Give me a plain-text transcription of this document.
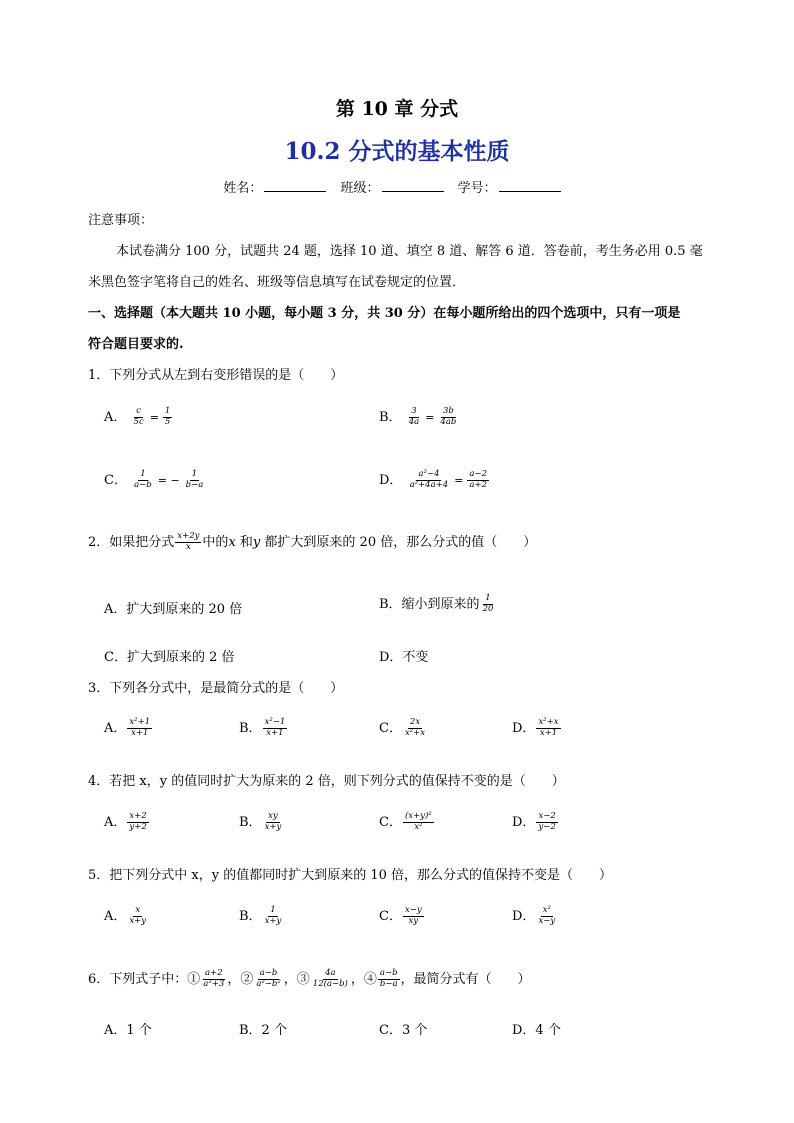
第 10 章 分式
10.2 分式的基本性质
姓名：	班级：	学号：
注意事项：
本试卷满分 100 分，试题共 24 题，选择 10 道、填空 8 道、解答 6 道．答卷前，考生务必用 0.5 毫
米黑色签字笔将自己的姓名、班级等信息填写在试卷规定的位置．
一、选择题（本大题共 10 小题，每小题 3 分，共 30 分）在每小题所给出的四个选项中，只有一项是
符合题目要求的.
1．下列分式从左到右变形错误的是（　　）
A． $\frac{c}{5c} = \frac{1}{5}$	B． $\frac{3}{4a} = \frac{3b}{4ab}$
C． $\frac{1}{a-b}$ = − $\frac{1}{b-a}$	D． $\frac{\text{a²−4}}{\text{a²+4a+4}} = \frac{a-2}{a+2}$
2．如果把分式 $\frac{x+2y}{x}$ 中的x 和y 都扩大到原来的 20 倍，那么分式的值（　　）
A．扩大到原来的 20 倍	B．缩小到原来的 $\frac{1}{20}$
C．扩大到原来的 2 倍	D．不变
3．下列各分式中，是最简分式的是（　　）
A． $\frac{\text{x²+1}}{x+1}$	B． $\frac{\text{x²−1}}{x+1}$	C． $\frac{2x}{\text{x²+x}}$	D． $\frac{\text{x²+x}}{x+1}$
4．若把 x，y 的值同时扩大为原来的 2 倍，则下列分式的值保持不变的是（　　）
A． $\frac{x+2}{y+2}$	B． $\frac{xy}{x+y}$	C． $\frac{\text{(x+y)²}}{\text{x²}}$	D． $\frac{x-2}{y-2}$
5．把下列分式中 x，y 的值都同时扩大到原来的 10 倍，那么分式的值保持不变是（　　）
A． $\frac{x}{x+y}$	B． $\frac{1}{x+y}$	C． $\frac{x-y}{xy}$	D． $\frac{\text{x²}}{x-y}$
6．下列式子中：① $\frac{a+2}{\text{a²+3}}$ ，② $\frac{a-b}{\text{a²−b²}}$ ，③ $\frac{4a}{12(a-b)}$ ，④ $\frac{a-b}{b-a}$ ，最简分式有（　　）
A．1 个	B．2 个	C．3 个	D．4 个
